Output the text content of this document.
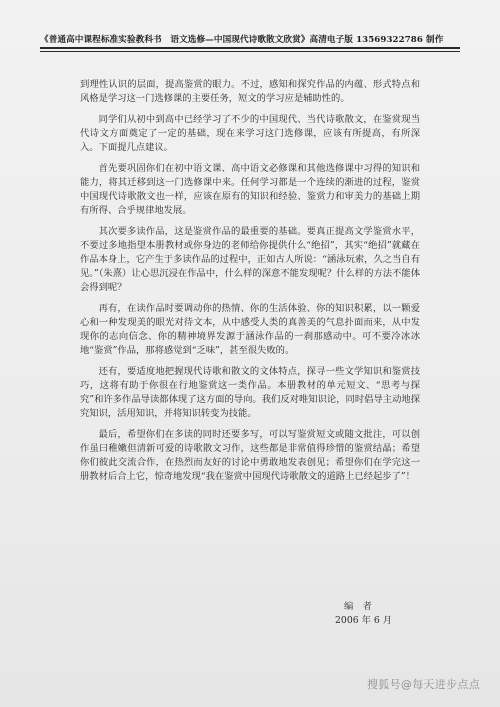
《普通高中课程标准实验教科书　语文选修—中国现代诗歌散文欣赏》高清电子版 13569322786 制作

到理性认识的层面，提高鉴赏的眼力。不过，感知和探究作品的内蕴、形式特点和风格是学习这一门选修课的主要任务，短文的学习应是辅助性的。

同学们从初中到高中已经学习了不少的中国现代、当代诗歌散文，在鉴赏现当代诗文方面奠定了一定的基础，现在来学习这门选修课，应该有所提高，有所深入。下面提几点建议。

首先要巩固你们在初中语文课、高中语文必修课和其他选修课中习得的知识和能力，将其迁移到这一门选修课中来。任何学习都是一个连续的渐进的过程，鉴赏中国现代诗歌散文也一样，应该在原有的知识和经验、鉴赏力和审美力的基础上期有所得、合乎规律地发展。

其次要多读作品，这是鉴赏作品的最重要的基础。要真正提高文学鉴赏水平，不要过多地指望本册教材或你身边的老师给你提供什么“绝招”，其实“绝招”就藏在作品本身上，它产生于多读作品的过程中，正如古人所说：“涵泳玩索，久之当自有见。”（朱熹）让心思沉浸在作品中，什么样的深意不能发现呢？什么样的方法不能体会得到呢？

再有，在读作品时要调动你的热情、你的生活体验、你的知识积累，以一颗爱心和一种发现美的眼光对待文本，从中感受人类的真善美的气息扑面而来，从中发现你的志向信念、你的精神境界发源于涵泳作品的一刹那感动中。可不要冷冰冰地“鉴赏”作品，那将感觉到“乏味”，甚至很失败的。

还有，要适度地把握现代诗歌和散文的文体特点，探寻一些文学知识和鉴赏技巧，这将有助于你很在行地鉴赏这一类作品。本册教材的单元短文、“思考与探究”和许多作品导读都体现了这方面的导向。我们反对唯知识论，同时倡导主动地探究知识，活用知识，并将知识转变为技能。

最后，希望你们在多读的同时还要多写，可以写鉴赏短文或随文批注，可以创作虽曰稚嫩但清新可爱的诗歌散文习作，这些都是非常值得珍惜的鉴赏结晶；希望你们彼此交流合作，在热烈而友好的讨论中勇敢地发表创见；希望你们在学完这一册教材后合上它，惊奇地发现“我在鉴赏中国现代诗歌散文的道路上已经起步了”！

编　者
2006 年 6 月
搜狐号@每天进步点点
